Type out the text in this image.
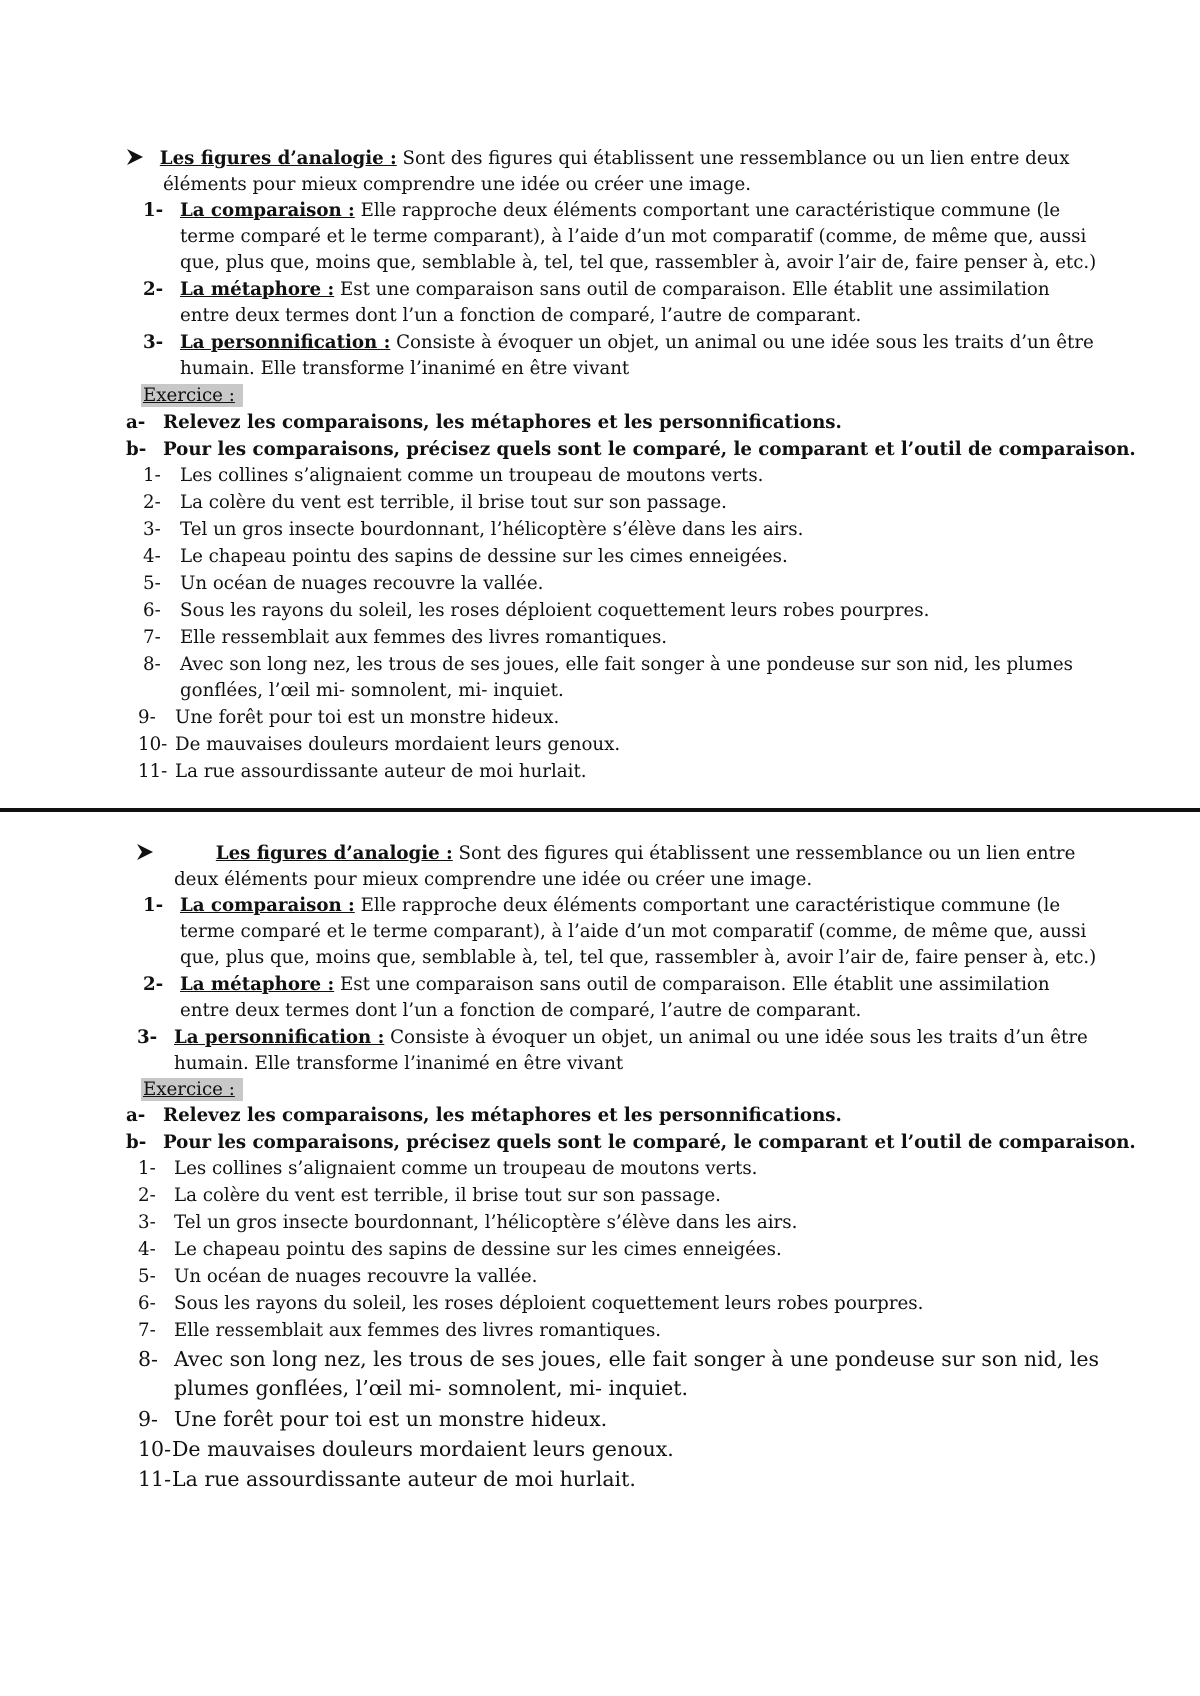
Les figures d’analogie : Sont des figures qui établissent une ressemblance ou un lien entre deux
éléments pour mieux comprendre une idée ou créer une image.
1- La comparaison : Elle rapproche deux éléments comportant une caractéristique commune (le
terme comparé et le terme comparant), à l’aide d’un mot comparatif (comme, de même que, aussi
que, plus que, moins que, semblable à, tel, tel que, rassembler à, avoir l’air de, faire penser à, etc.)
2- La métaphore : Est une comparaison sans outil de comparaison. Elle établit une assimilation
entre deux termes dont l’un a fonction de comparé, l’autre de comparant.
3- La personnification : Consiste à évoquer un objet, un animal ou une idée sous les traits d’un être
humain. Elle transforme l’inanimé en être vivant
Exercice :
a- Relevez les comparaisons, les métaphores et les personnifications.
b- Pour les comparaisons, précisez quels sont le comparé, le comparant et l’outil de comparaison.
1- Les collines s’alignaient comme un troupeau de moutons verts.
2- La colère du vent est terrible, il brise tout sur son passage.
3- Tel un gros insecte bourdonnant, l’hélicoptère s’élève dans les airs.
4- Le chapeau pointu des sapins de dessine sur les cimes enneigées.
5- Un océan de nuages recouvre la vallée.
6- Sous les rayons du soleil, les roses déploient coquettement leurs robes pourpres.
7- Elle ressemblait aux femmes des livres romantiques.
8- Avec son long nez, les trous de ses joues, elle fait songer à une pondeuse sur son nid, les plumes
gonflées, l’œil mi- somnolent, mi- inquiet.
9- Une forêt pour toi est un monstre hideux.
10- De mauvaises douleurs mordaient leurs genoux.
11- La rue assourdissante auteur de moi hurlait.
Les figures d’analogie : Sont des figures qui établissent une ressemblance ou un lien entre
deux éléments pour mieux comprendre une idée ou créer une image.
1- La comparaison : Elle rapproche deux éléments comportant une caractéristique commune (le
terme comparé et le terme comparant), à l’aide d’un mot comparatif (comme, de même que, aussi
que, plus que, moins que, semblable à, tel, tel que, rassembler à, avoir l’air de, faire penser à, etc.)
2- La métaphore : Est une comparaison sans outil de comparaison. Elle établit une assimilation
entre deux termes dont l’un a fonction de comparé, l’autre de comparant.
3- La personnification : Consiste à évoquer un objet, un animal ou une idée sous les traits d’un être
humain. Elle transforme l’inanimé en être vivant
Exercice :
a- Relevez les comparaisons, les métaphores et les personnifications.
b- Pour les comparaisons, précisez quels sont le comparé, le comparant et l’outil de comparaison.
1- Les collines s’alignaient comme un troupeau de moutons verts.
2- La colère du vent est terrible, il brise tout sur son passage.
3- Tel un gros insecte bourdonnant, l’hélicoptère s’élève dans les airs.
4- Le chapeau pointu des sapins de dessine sur les cimes enneigées.
5- Un océan de nuages recouvre la vallée.
6- Sous les rayons du soleil, les roses déploient coquettement leurs robes pourpres.
7- Elle ressemblait aux femmes des livres romantiques.
8- Avec son long nez, les trous de ses joues, elle fait songer à une pondeuse sur son nid, les
plumes gonflées, l’œil mi- somnolent, mi- inquiet.
9- Une forêt pour toi est un monstre hideux.
10-De mauvaises douleurs mordaient leurs genoux.
11-La rue assourdissante auteur de moi hurlait.
